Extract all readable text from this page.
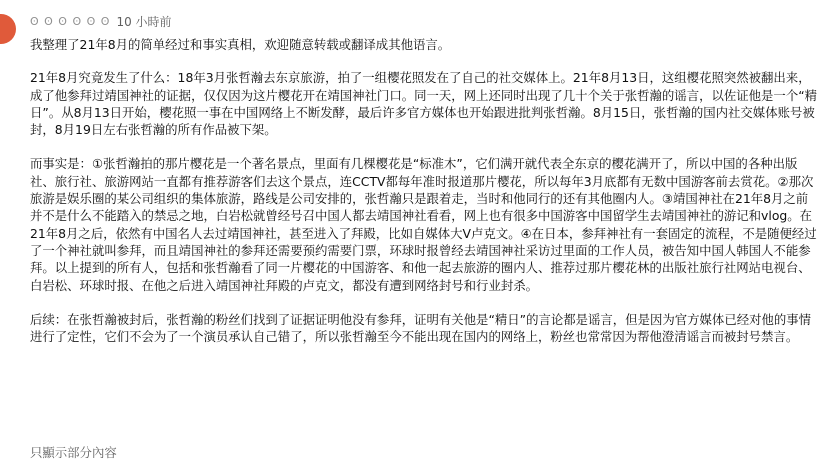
ʘ ʘ ʘ ʘ ʘ ʘ 10 小時前

我整理了21年8月的简单经过和事实真相，欢迎随意转载或翻译成其他语言。

21年8月究竟发生了什么：18年3月张哲瀚去东京旅游，拍了一组樱花照发在了自己的社交媒体上。21年8月13日，这组樱花照突然被翻出来，成了他参拜过靖国神社的证据，仅仅因为这片樱花开在靖国神社门口。同一天，网上还同时出现了几十个关于张哲瀚的谣言，以佐证他是一个“精日”。从8月13日开始，樱花照一事在中国网络上不断发酵，最后许多官方媒体也开始跟进批判张哲瀚。8月15日，张哲瀚的国内社交媒体账号被封，8月19日左右张哲瀚的所有作品被下架。

而事实是：①张哲瀚拍的那片樱花是一个著名景点，里面有几棵樱花是“标准木”，它们满开就代表全东京的樱花满开了，所以中国的各种出版社、旅行社、旅游网站一直都有推荐游客们去这个景点，连CCTV都每年准时报道那片樱花，所以每年3月底都有无数中国游客前去赏花。②那次旅游是娱乐圈的某公司组织的集体旅游，路线是公司安排的，张哲瀚只是跟着走，当时和他同行的还有其他圈内人。③靖国神社在21年8月之前并不是什么不能踏入的禁忌之地，白岩松就曾经号召中国人都去靖国神社看看，网上也有很多中国游客中国留学生去靖国神社的游记和vlog。在21年8月之后，依然有中国名人去过靖国神社，甚至进入了拜殿，比如自媒体大V卢克文。④在日本，参拜神社有一套固定的流程，不是随便经过了一个神社就叫参拜，而且靖国神社的参拜还需要预约需要门票，环球时报曾经去靖国神社采访过里面的工作人员，被告知中国人韩国人不能参拜。以上提到的所有人，包括和张哲瀚看了同一片樱花的中国游客、和他一起去旅游的圈内人、推荐过那片樱花林的出版社旅行社网站电视台、白岩松、环球时报、在他之后进入靖国神社拜殿的卢克文，都没有遭到网络封号和行业封杀。

后续：在张哲瀚被封后，张哲瀚的粉丝们找到了证据证明他没有参拜，证明有关他是“精日”的言论都是谣言，但是因为官方媒体已经对他的事情进行了定性，它们不会为了一个演员承认自己错了，所以张哲瀚至今不能出现在国内的网络上，粉丝也常常因为帮他澄清谣言而被封号禁言。

只顯示部分內容
